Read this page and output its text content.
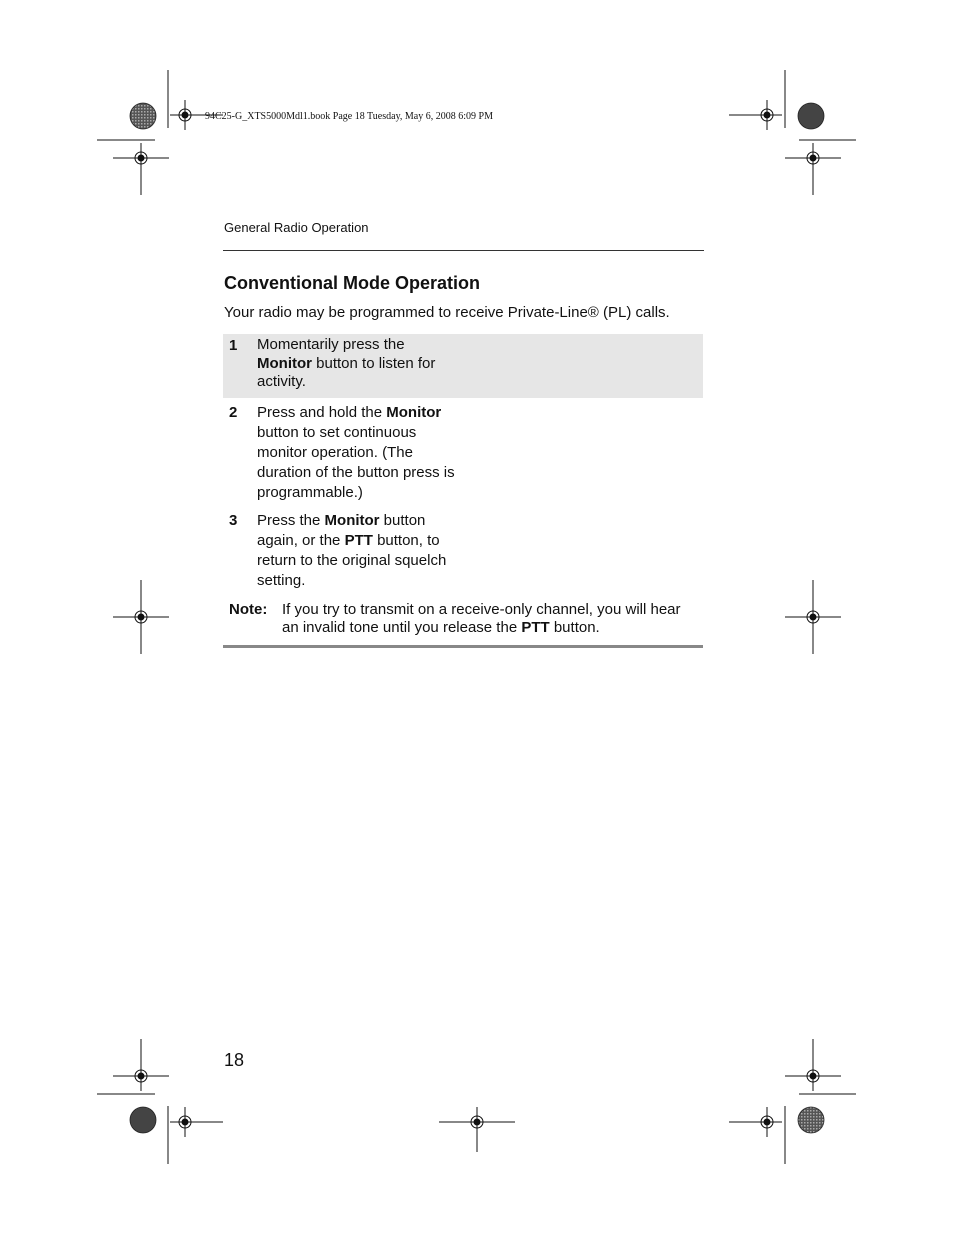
94C25-G_XTS5000Mdl1.book Page 18 Tuesday, May 6, 2008 6:09 PM
General Radio Operation
Conventional Mode Operation

Your radio may be programmed to receive Private-Line® (PL) calls.

1	Momentarily press the Monitor button to listen for activity.
2	Press and hold the Monitor button to set continuous monitor operation. (The duration of the button press is programmable.)
3	Press the Monitor button again, or the PTT button, to return to the original squelch setting.
Note: If you try to transmit on a receive-only channel, you will hear an invalid tone until you release the PTT button.
18
